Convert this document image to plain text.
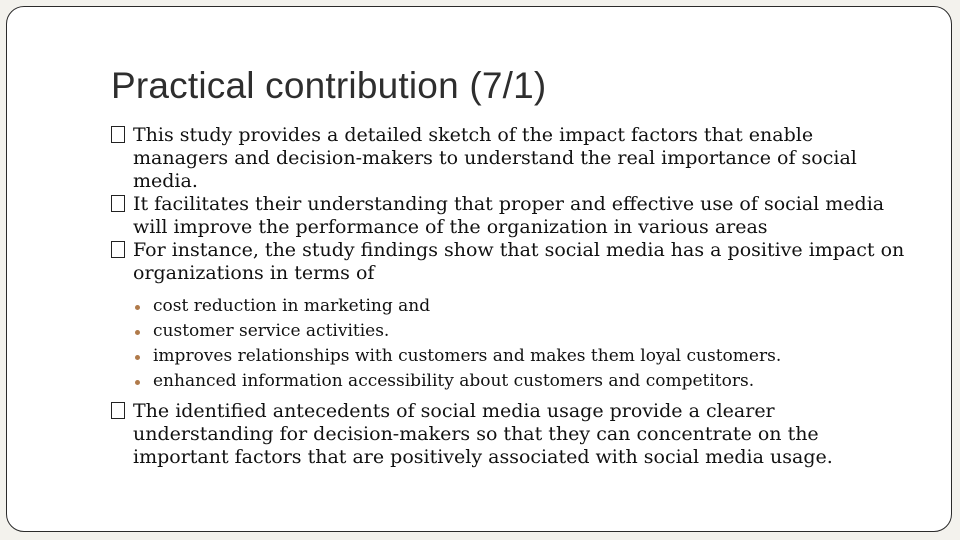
Practical contribution (7/1)
This study provides a detailed sketch of the impact factors that enable managers and decision-makers to understand the real importance of social media.
It facilitates their understanding that proper and effective use of social media will improve the performance of the organization in various areas
For instance, the study findings show that social media has a positive impact on organizations in terms of
cost reduction in marketing and
customer service activities.
improves relationships with customers and makes them loyal customers.
enhanced information accessibility about customers and competitors.
The identified antecedents of social media usage provide a clearer understanding for decision-makers so that they can concentrate on the important factors that are positively associated with social media usage.
